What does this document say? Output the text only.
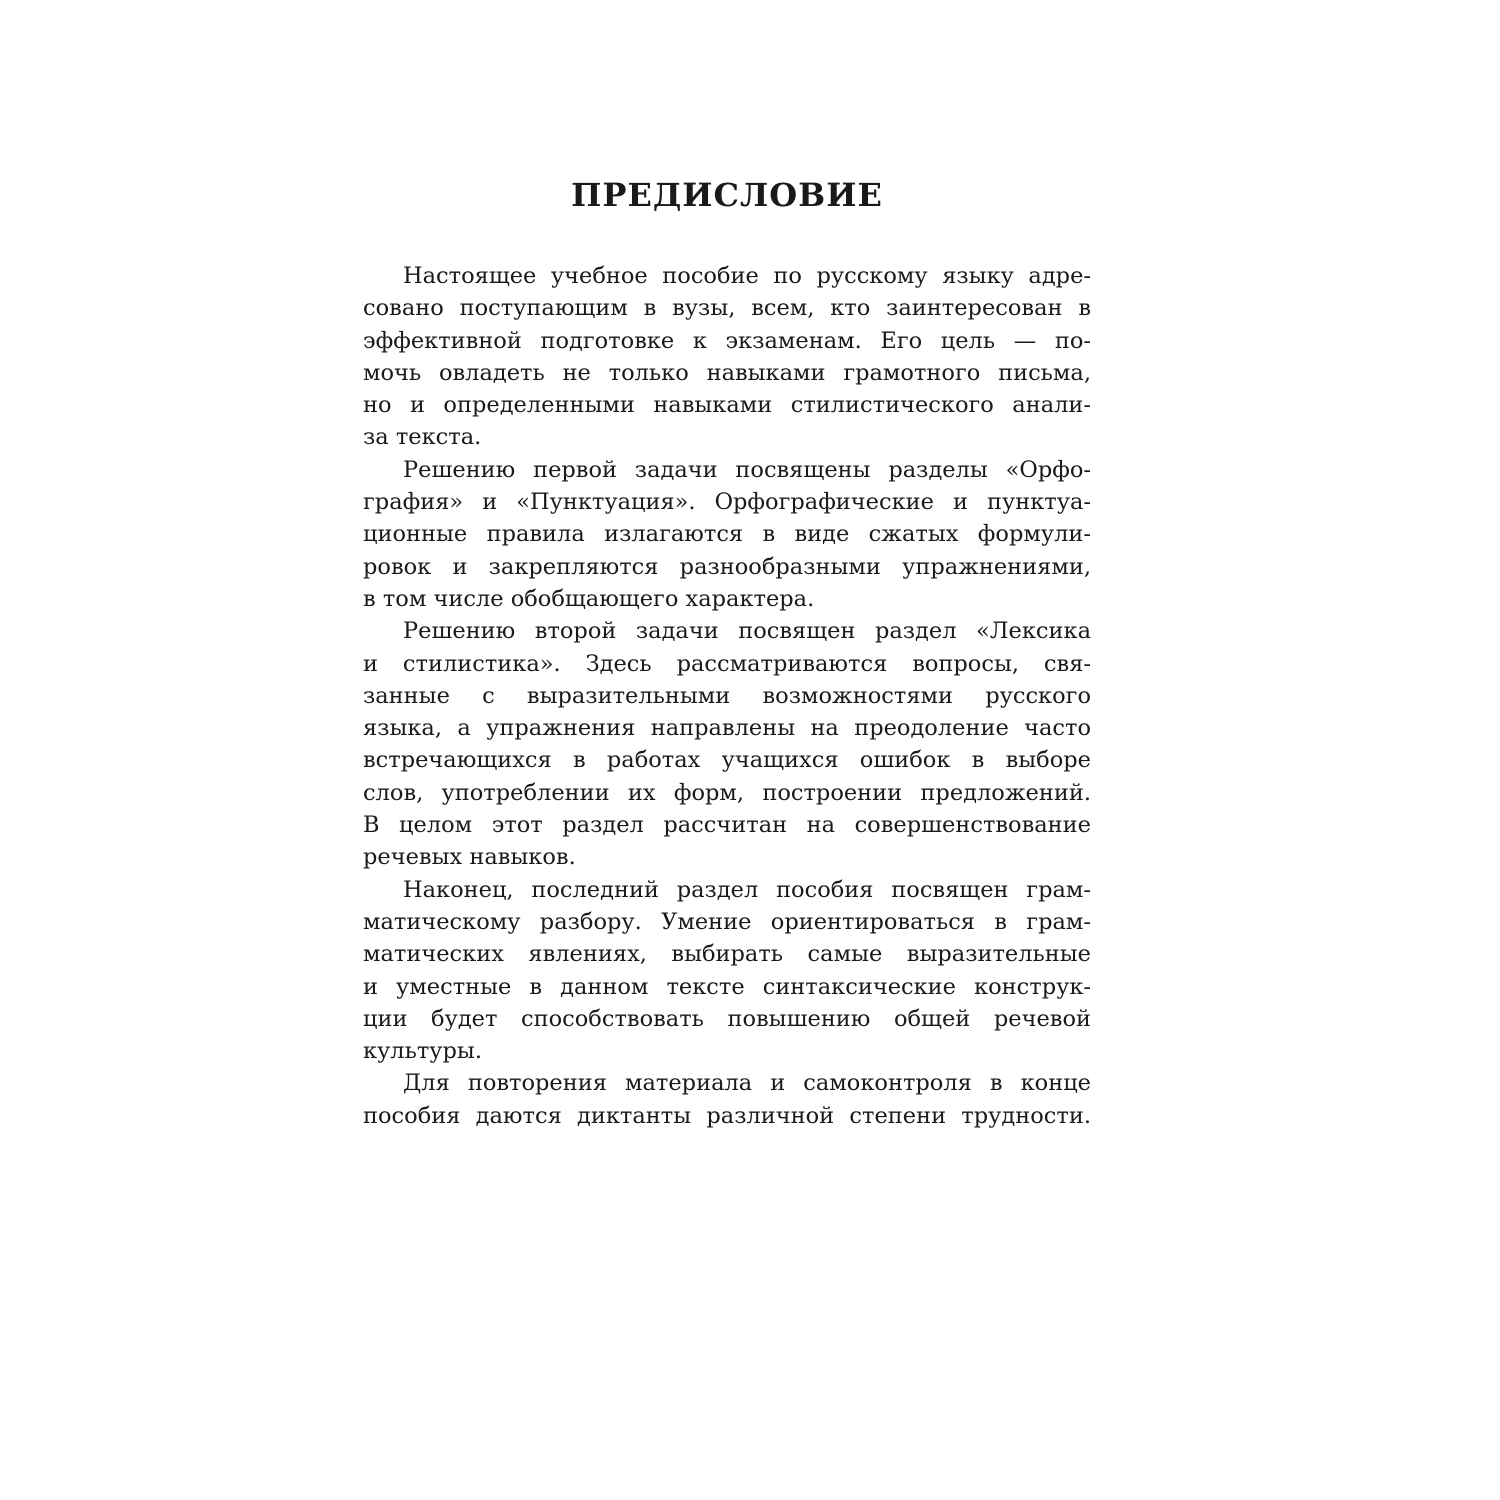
ПРЕДИСЛОВИЕ
Настоящее учебное пособие по русскому языку адре-
совано поступающим в вузы, всем, кто заинтересован в
эффективной подготовке к экзаменам. Его цель — по-
мочь овладеть не только навыками грамотного письма,
но и определенными навыками стилистического анали-
за текста.
Решению первой задачи посвящены разделы «Орфо-
графия» и «Пунктуация». Орфографические и пунктуа-
ционные правила излагаются в виде сжатых формули-
ровок и закрепляются разнообразными упражнениями,
в том числе обобщающего характера.
Решению второй задачи посвящен раздел «Лексика
и стилистика». Здесь рассматриваются вопросы, свя-
занные с выразительными возможностями русского
языка, а упражнения направлены на преодоление часто
встречающихся в работах учащихся ошибок в выборе
слов, употреблении их форм, построении предложений.
В целом этот раздел рассчитан на совершенствование
речевых навыков.
Наконец, последний раздел пособия посвящен грам-
матическому разбору. Умение ориентироваться в грам-
матических явлениях, выбирать самые выразительные
и уместные в данном тексте синтаксические конструк-
ции будет способствовать повышению общей речевой
культуры.
Для повторения материала и самоконтроля в конце
пособия даются диктанты различной степени трудности.
